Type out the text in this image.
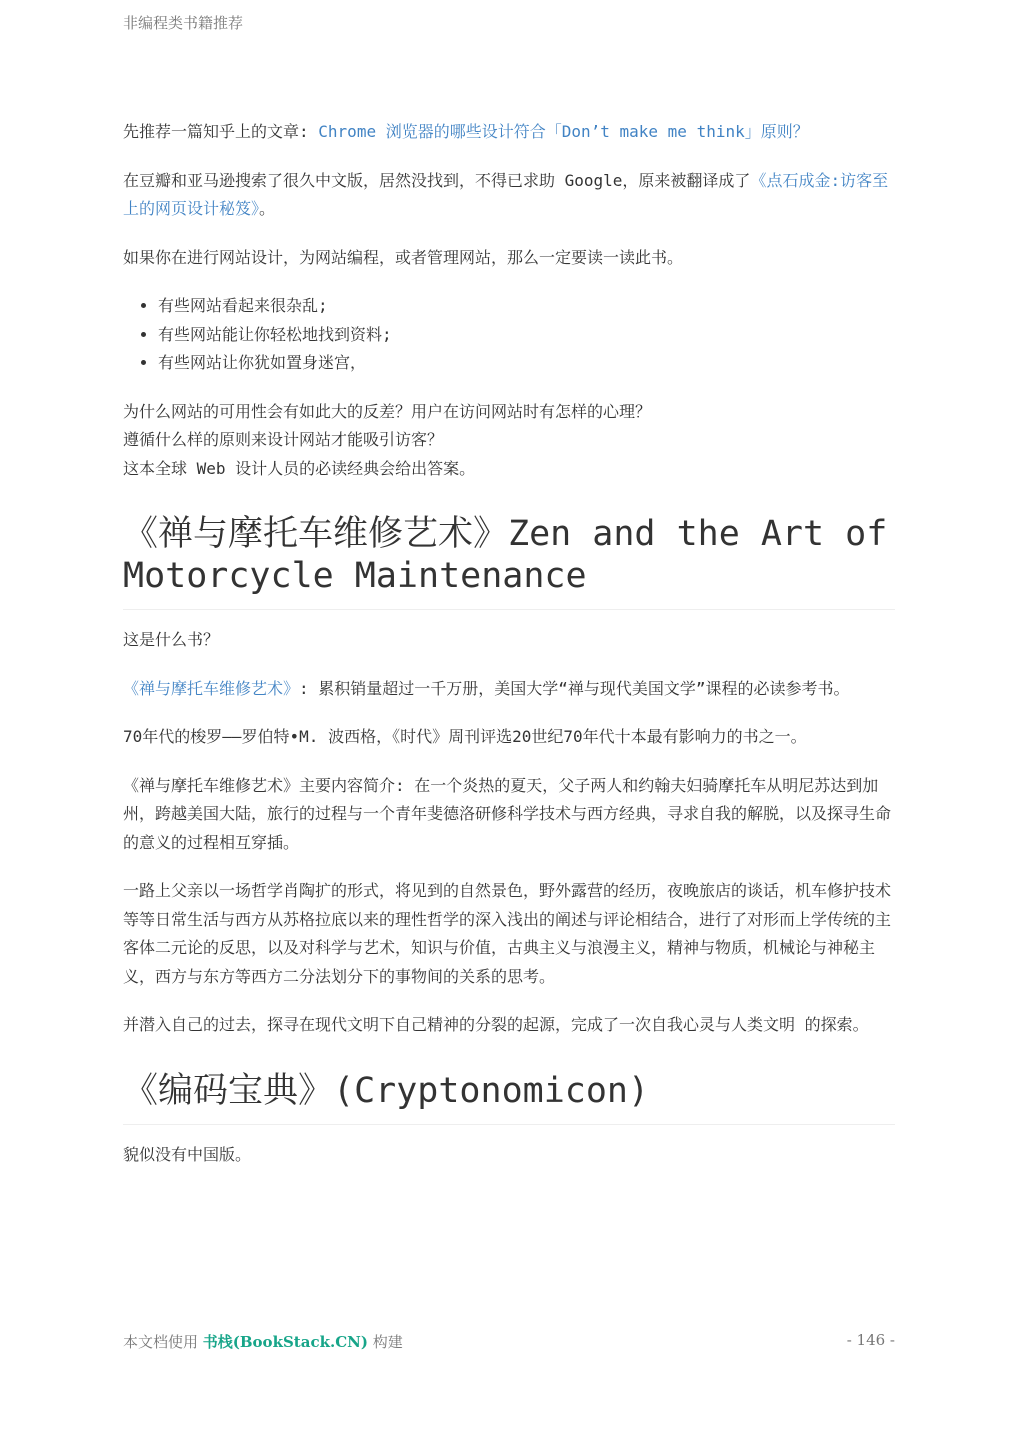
非编程类书籍推荐

先推荐一篇知乎上的文章: Chrome 浏览器的哪些设计符合「Don’t make me think」原则？

在豆瓣和亚马逊搜索了很久中文版，居然没找到，不得已求助 Google，原来被翻译成了《点石成金:访客至上的网页设计秘笈》。

如果你在进行网站设计，为网站编程，或者管理网站，那么一定要读一读此书。

• 有些网站看起来很杂乱;
• 有些网站能让你轻松地找到资料;
• 有些网站让你犹如置身迷宫，

为什么网站的可用性会有如此大的反差？用户在访问网站时有怎样的心理？
遵循什么样的原则来设计网站才能吸引访客？
这本全球 Web 设计人员的必读经典会给出答案。

《禅与摩托车维修艺术》Zen and the Art of Motorcycle Maintenance

这是什么书？

《禅与摩托车维修艺术》: 累积销量超过一千万册，美国大学“禅与现代美国文学”课程的必读参考书。

70年代的梭罗——罗伯特•M. 波西格，《时代》周刊评选20世纪70年代十本最有影响力的书之一。

《禅与摩托车维修艺术》主要内容简介: 在一个炎热的夏天，父子两人和约翰夫妇骑摩托车从明尼苏达到加州，跨越美国大陆，旅行的过程与一个青年斐德洛研修科学技术与西方经典，寻求自我的解脱，以及探寻生命的意义的过程相互穿插。

一路上父亲以一场哲学肖陶扩的形式，将见到的自然景色，野外露营的经历，夜晚旅店的谈话，机车修护技术等等日常生活与西方从苏格拉底以来的理性哲学的深入浅出的阐述与评论相结合，进行了对形而上学传统的主客体二元论的反思，以及对科学与艺术，知识与价值，古典主义与浪漫主义，精神与物质，机械论与神秘主义，西方与东方等西方二分法划分下的事物间的关系的思考。

并潜入自己的过去，探寻在现代文明下自己精神的分裂的起源，完成了一次自我心灵与人类文明 的探索。

《编码宝典》(Cryptonomicon)

貌似没有中国版。

本文档使用 书栈(BookStack.CN) 构建	- 146 -
